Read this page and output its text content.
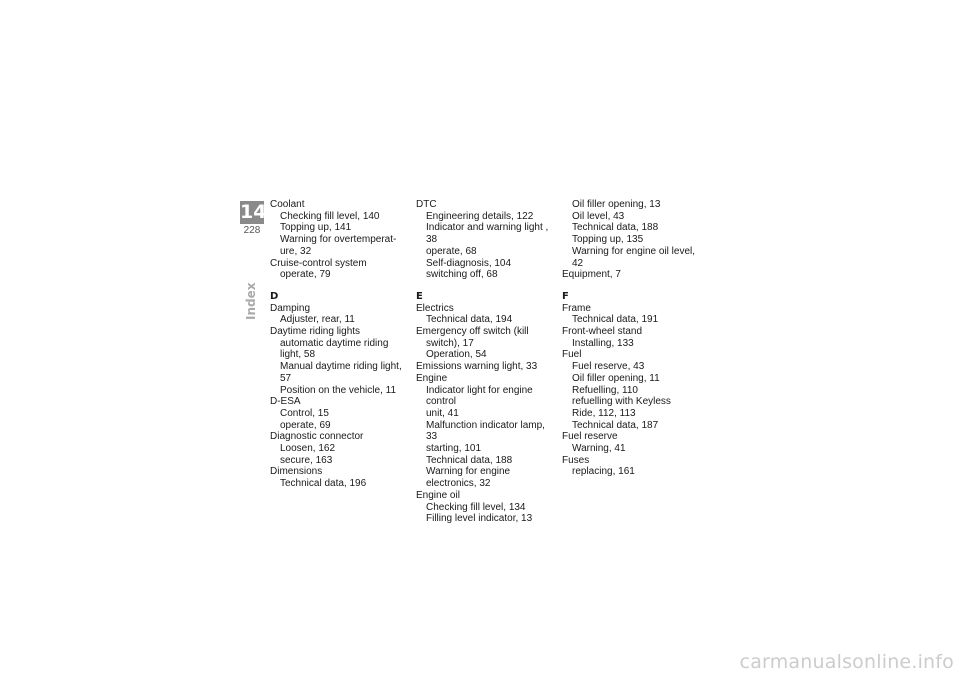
14
228
Index

Coolant

Checking fill level, 140

Topping up, 141

Warning for overtemperat-

ure, 32

Cruise-control system

operate, 79

D

Damping

Adjuster, rear, 11

Daytime riding lights

automatic daytime riding

light, 58

Manual daytime riding light, 57

Position on the vehicle, 11

D-ESA

Control, 15

operate, 69

Diagnostic connector

Loosen, 162

secure, 163

Dimensions

Technical data, 196

DTC

Engineering details, 122

Indicator and warning light , 38

operate, 68

Self-diagnosis, 104

switching off, 68

E

Electrics

Technical data, 194

Emergency off switch (kill

switch), 17

Operation, 54

Emissions warning light, 33

Engine

Indicator light for engine control

unit, 41

Malfunction indicator lamp, 33

starting, 101

Technical data, 188

Warning for engine

electronics, 32

Engine oil

Checking fill level, 134

Filling level indicator, 13

Oil filler opening, 13

Oil level, 43

Technical data, 188

Topping up, 135

Warning for engine oil level, 42

Equipment, 7

F

Frame

Technical data, 191

Front-wheel stand

Installing, 133

Fuel

Fuel reserve, 43

Oil filler opening, 11

Refuelling, 110

refuelling with Keyless

Ride, 112, 113

Technical data, 187

Fuel reserve

Warning, 41

Fuses

replacing, 161

carmanualsonline.info
